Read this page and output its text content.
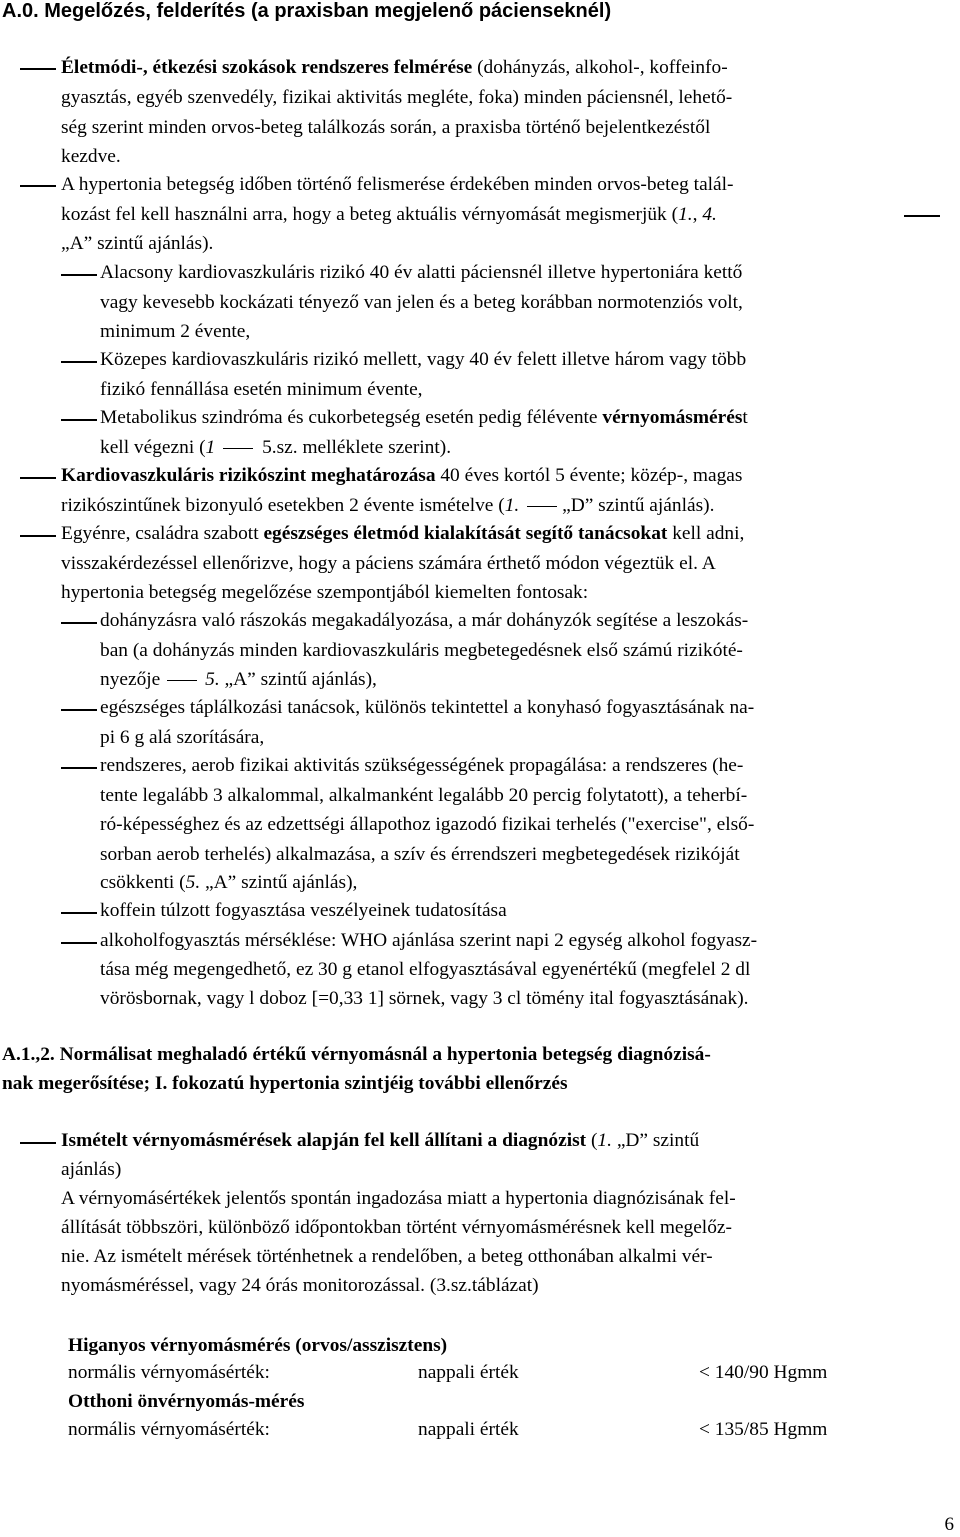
A.0. Megelőzés, felderítés (a praxisban megjelenő pácienseknél)
Életmódi-, étkezési szokások rendszeres felmérése (dohányzás, alkohol-, koffeinfo-
gyasztás, egyéb szenvedély, fizikai aktivitás megléte, foka) minden páciensnél, lehető-
ség szerint minden orvos-beteg találkozás során, a praxisba történő bejelentkezéstől
kezdve.
A hypertonia betegség időben történő felismerése érdekében minden orvos-beteg talál-
kozást fel kell használni arra, hogy a beteg aktuális vérnyomását megismerjük (1., 4.
„A” szintű ajánlás).
Alacsony kardiovaszkuláris rizikó 40 év alatti páciensnél illetve hypertoniára kettő
vagy kevesebb kockázati tényező van jelen és a beteg korábban normotenziós volt,
minimum 2 évente,
Közepes kardiovaszkuláris rizikó mellett, vagy 40 év felett illetve három vagy több
fizikó fennállása esetén minimum évente,
Metabolikus szindróma és cukorbetegség esetén pedig félévente vérnyomásmérést
kell végezni (1 5.sz. melléklete szerint).
Kardiovaszkuláris rizikószint meghatározása 40 éves kortól 5 évente; közép-, magas
rizikószintűnek bizonyuló esetekben 2 évente ismételve (1. „D” szintű ajánlás).
Egyénre, családra szabott egészséges életmód kialakítását segítő tanácsokat kell adni,
visszakérdezéssel ellenőrizve, hogy a páciens számára érthető módon végeztük el. A
hypertonia betegség megelőzése szempontjából kiemelten fontosak:
dohányzásra való rászokás megakadályozása, a már dohányzók segítése a leszokás-
ban (a dohányzás minden kardiovaszkuláris megbetegedésnek első számú rizikóté-
nyezője 5. „A” szintű ajánlás),
egészséges táplálkozási tanácsok, különös tekintettel a konyhasó fogyasztásának na-
pi 6 g alá szorítására,
rendszeres, aerob fizikai aktivitás szükségességének propagálása: a rendszeres (he-
tente legalább 3 alkalommal, alkalmanként legalább 20 percig folytatott), a teherbí-
ró-képességhez és az edzettségi állapothoz igazodó fizikai terhelés ("exercise", első-
sorban aerob terhelés) alkalmazása, a szív és érrendszeri megbetegedések rizikóját
csökkenti (5. „A” szintű ajánlás),
koffein túlzott fogyasztása veszélyeinek tudatosítása
alkoholfogyasztás mérséklése: WHO ajánlása szerint napi 2 egység alkohol fogyasz-
tása még megengedhető, ez 30 g etanol elfogyasztásával egyenértékű (megfelel 2 dl
vörösbornak, vagy l doboz [=0,33 1] sörnek, vagy 3 cl tömény ital fogyasztásának).
A.1.,2. Normálisat meghaladó értékű vérnyomásnál a hypertonia betegség diagnózisá-
nak megerősítése; I. fokozatú hypertonia szintjéig további ellenőrzés
Ismételt vérnyomásmérések alapján fel kell állítani a diagnózist (1. „D” szintű
ajánlás)
A vérnyomásértékek jelentős spontán ingadozása miatt a hypertonia diagnózisának fel-
állítását többszöri, különböző időpontokban történt vérnyomásmérésnek kell megelőz-
nie. Az ismételt mérések történhetnek a rendelőben, a beteg otthonában alkalmi vér-
nyomásméréssel, vagy 24 órás monitorozással. (3.sz.táblázat)
Higanyos vérnyomásmérés (orvos/asszisztens)
normális vérnyomásérték:	nappali érték	< 140/90 Hgmm
Otthoni önvérnyomás-mérés
normális vérnyomásérték:	nappali érték	< 135/85 Hgmm
6
